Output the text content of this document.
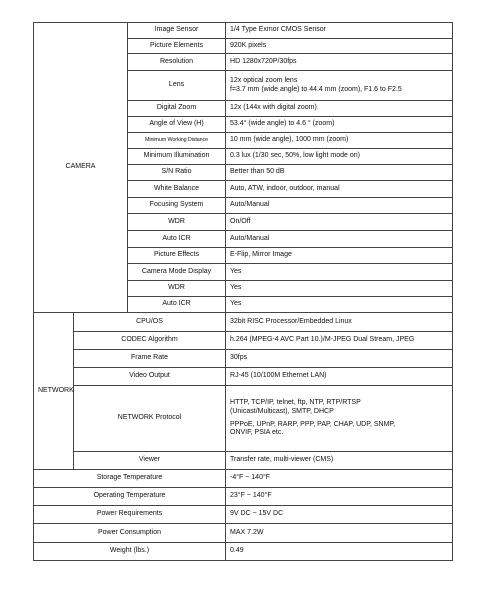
CAMERA		Image Sensor	1/4 Type Exmor CMOS Sensor
		Picture Elements	920K pixels
		Resolution	HD 1280x720P/30fps
		Lens	12x optical zoom lens
f=3.7 mm (wide angle) to 44.4 mm (zoom), F1.6 to F2.5

		Digital Zoom	12x (144x with digital zoom)
		Angle of View (H)	53.4° (wide angle) to 4.6 ° (zoom)
		Minimum Working Distance	10 mm (wide angle), 1000 mm (zoom)
		Minimum Illumination	0.3 lux (1/30 sec, 50%, low light mode on)
		S/N Ratio	Better than 50 dB
		White Balance	Auto, ATW, indoor, outdoor, manual
		Focusing System	Auto/Manual
		WDR	On/Off
		Auto ICR	Auto/Manual
		Picture Effects	E-Flip, Mirror Image
		Camera Mode Display	Yes
		WDR	Yes
		Auto ICR	Yes
NETWORK	CPU/OS		32bit RISC Processor/Embedded Linux
	CODEC Algorithm		h.264 (MPEG-4 AVC Part 10.)/M-JPEG Dual Stream, JPEG
	Frame Rate		30fps
	Video Output		RJ-45 (10/100M Ethernet LAN)
	NETWORK Protocol		HTTP, TCP/IP, telnet, ftp, NTP, RTP/RTSP
(Unicast/Multicast), SMTP, DHCP
PPPoE, UPnP, RARP, PPP, PAP, CHAP, UDP, SNMP,
ONVIF, PSIA etc.

	Viewer		Transfer rate, multi-viewer (CMS)
Storage Temperature			-4°F ~ 140°F
Operating Temperature			23°F ~ 140°F
Power Requirements			9V DC ~ 15V DC
Power Consumption			MAX 7.2W
Weight (lbs.)			0.49
